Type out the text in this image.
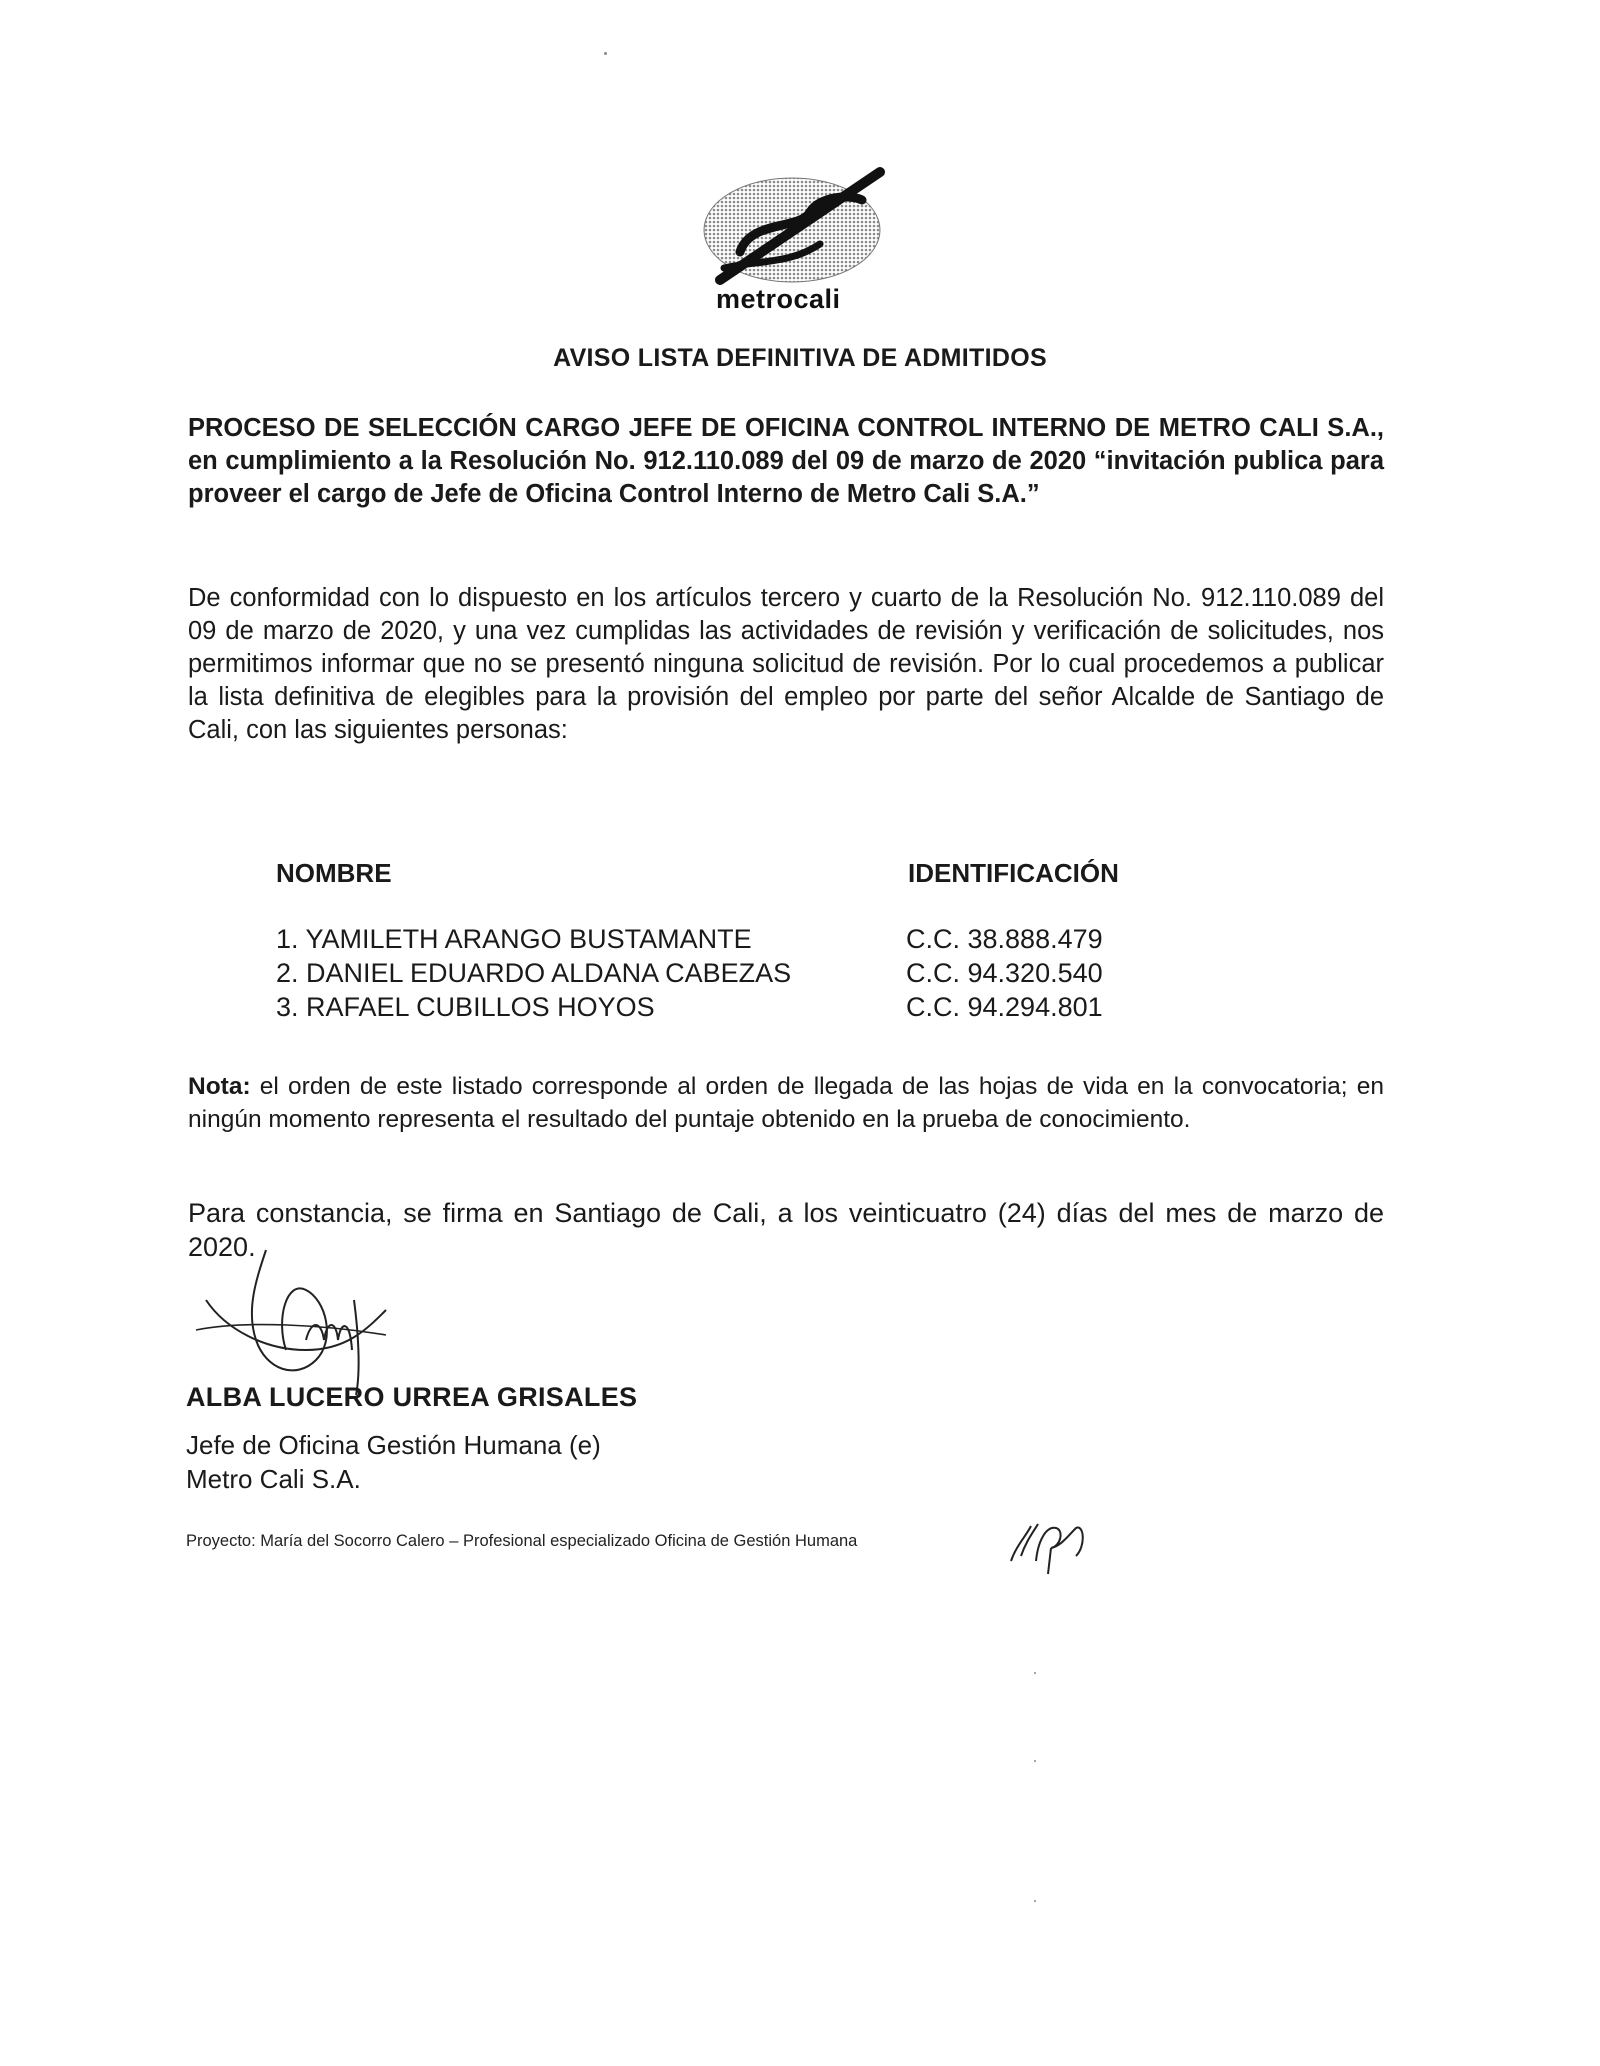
metrocali
AVISO LISTA DEFINITIVA DE ADMITIDOS
PROCESO DE SELECCIÓN CARGO JEFE DE OFICINA CONTROL INTERNO DE METRO CALI S.A., en cumplimiento a la Resolución No. 912.110.089 del 09 de marzo de 2020 “invitación publica para proveer el cargo de Jefe de Oficina Control Interno de Metro Cali S.A.”
De conformidad con lo dispuesto en los artículos tercero y cuarto de la Resolución No. 912.110.089 del 09 de marzo de 2020, y una vez cumplidas las actividades de revisión y verificación de solicitudes, nos permitimos informar que no se presentó ninguna solicitud de revisión. Por lo cual procedemos a publicar la lista definitiva de elegibles para la provisión del empleo por parte del señor Alcalde de Santiago de Cali, con las siguientes personas:
NOMBRE	IDENTIFICACIÓN
1. YAMILETH ARANGO BUSTAMANTE	C.C. 38.888.479
2. DANIEL EDUARDO ALDANA CABEZAS	C.C. 94.320.540
3. RAFAEL CUBILLOS HOYOS	C.C. 94.294.801
Nota: el orden de este listado corresponde al orden de llegada de las hojas de vida en la convocatoria; en ningún momento representa el resultado del puntaje obtenido en la prueba de conocimiento.
Para constancia, se firma en Santiago de Cali, a los veinticuatro (24) días del mes de marzo de 2020.
ALBA LUCERO URREA GRISALES
Jefe de Oficina Gestión Humana (e)
Metro Cali S.A.
Proyecto: María del Socorro Calero – Profesional especializado Oficina de Gestión Humana
